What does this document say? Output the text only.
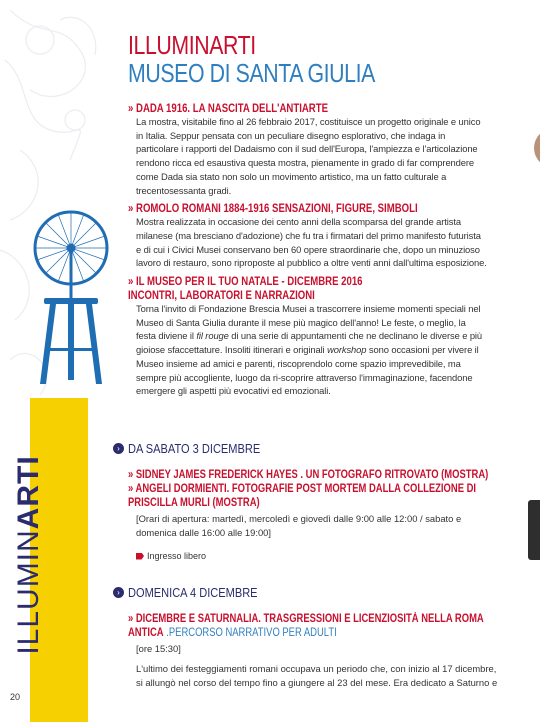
ILLUMINARTI
MUSEO DI SANTA GIULIA
» DADA 1916. LA NASCITA DELL'ANTIARTE

La mostra, visitabile fino al 26 febbraio 2017, costituisce un progetto originale e unico in Italia. Seppur pensata con un peculiare disegno esplorativo, che indaga in particolare i rapporti del Dadaismo con il sud dell'Europa, l'ampiezza e l'articolazione rendono ricca ed esaustiva questa mostra, pienamente in grado di far comprendere come Dada sia stato non solo un movimento artistico, ma un fatto culturale a trecentosessanta gradi.

» ROMOLO ROMANI 1884-1916 SENSAZIONI, FIGURE, SIMBOLI

Mostra realizzata in occasione dei cento anni della scomparsa del grande artista milanese (ma bresciano d'adozione) che fu tra i firmatari del primo manifesto futurista e di cui i Civici Musei conservano ben 60 opere straordinarie che, dopo un minuzioso lavoro di restauro, sono riproposte al pubblico a oltre venti anni dall'ultima esposizione.

» IL MUSEO PER IL TUO NATALE - DICEMBRE 2016
INCONTRI, LABORATORI E NARRAZIONI

Torna l'invito di Fondazione Brescia Musei a trascorrere insieme momenti speciali nel Museo di Santa Giulia durante il mese più magico dell'anno! Le feste, o meglio, la festa diviene il fil rouge di una serie di appuntamenti che ne declinano le diverse e più gioiose sfaccettature. Insoliti itinerari e originali workshop sono occasioni per vivere il Museo insieme ad amici e parenti, riscoprendolo come spazio imprevedibile, ma sempre più accogliente, luogo da ri-scoprire attraverso l'immaginazione, facendone emergere gli aspetti più evocativi ed emozionali.

ILLUMINARTI
› DA SABATO 3 DICEMBRE
» SIDNEY JAMES FREDERICK HAYES . UN FOTOGRAFO RITROVATO (MOSTRA)
» ANGELI DORMIENTI. FOTOGRAFIE POST MORTEM DALLA COLLEZIONE DI PRISCILLA MURLI (MOSTRA)
[Orari di apertura: martedì, mercoledì e giovedì dalle 9:00 alle 12:00 / sabato e domenica dalle 16:00 alle 19:00]
Ingresso libero
› DOMENICA 4 DICEMBRE
» DICEMBRE E SATURNALIA. TRASGRESSIONI E LICENZIOSITÀ NELLA ROMA ANTICA .PERCORSO NARRATIVO PER ADULTI
[ore 15:30]
L'ultimo dei festeggiamenti romani occupava un periodo che, con inizio al 17 dicembre, si allungò nel corso del tempo fino a giungere al 23 del mese. Era dedicato a Saturno e
20
